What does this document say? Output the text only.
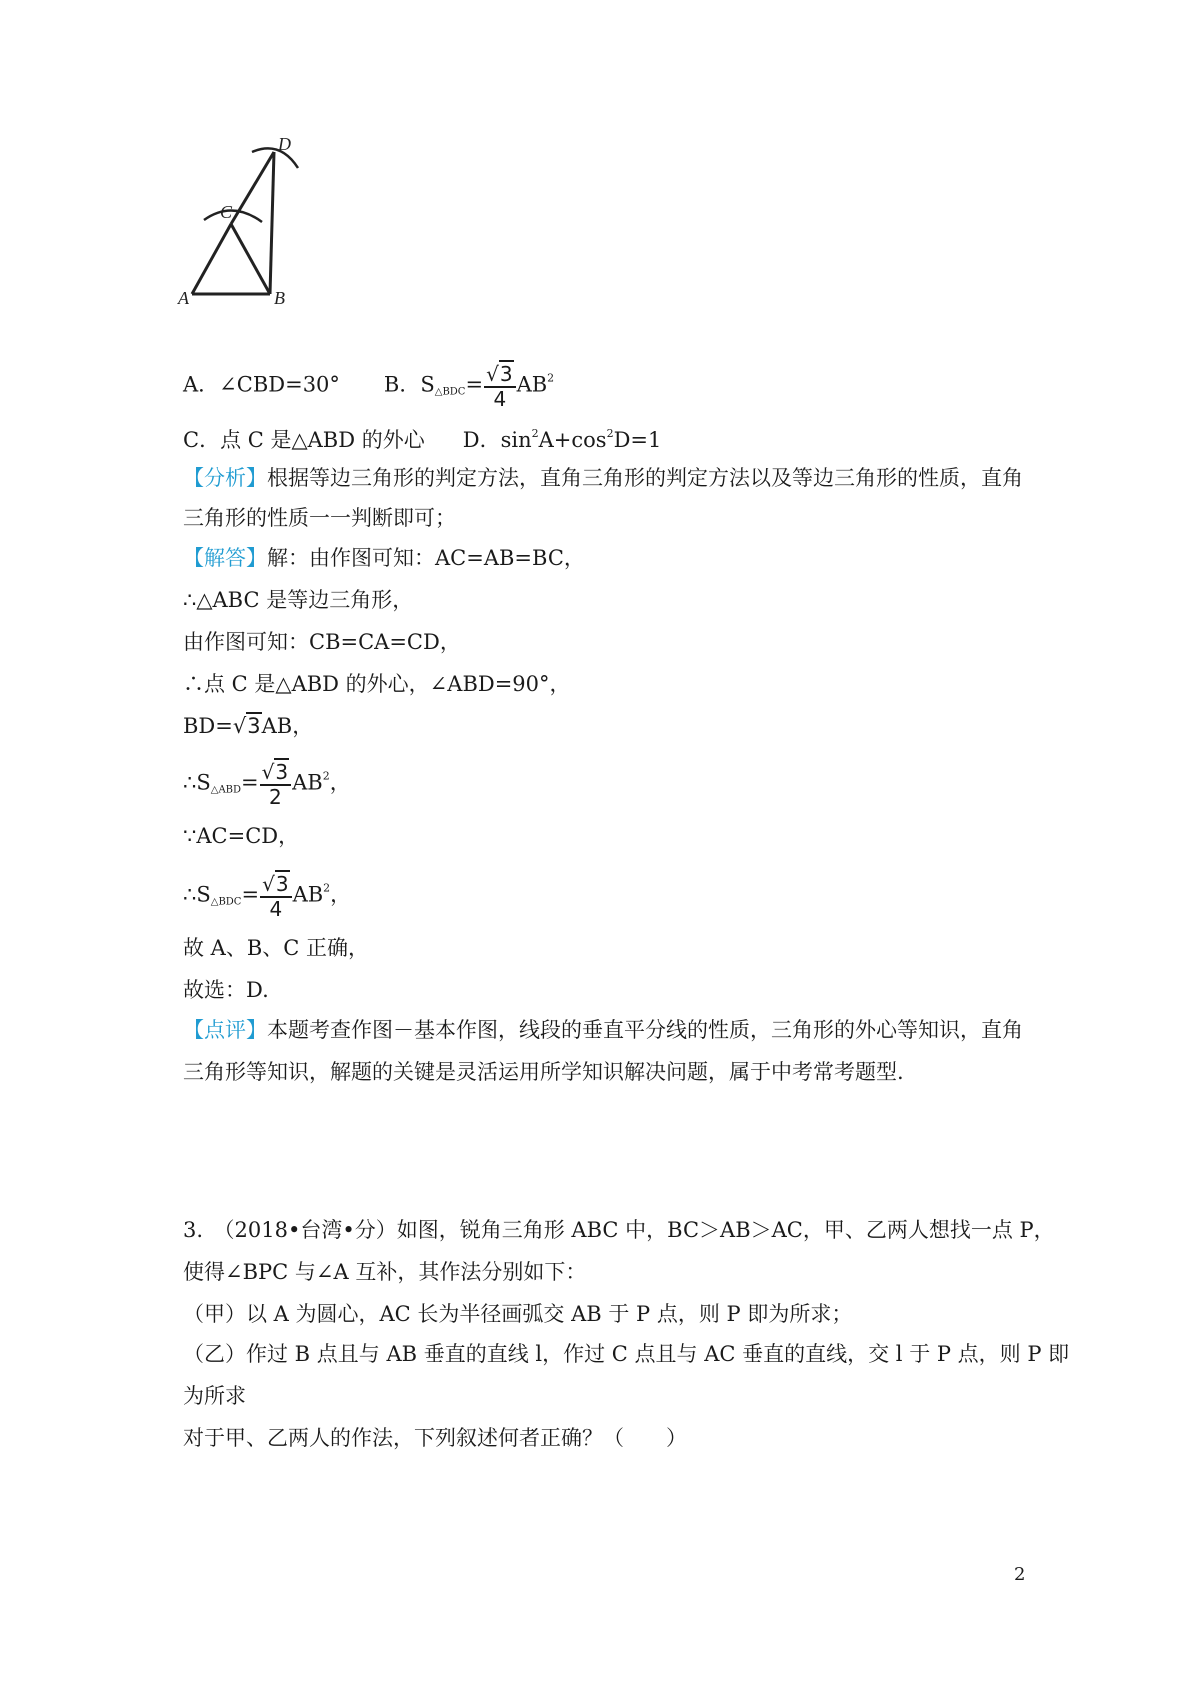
A	B
C
D
A．∠CBD=30° B．$S_{\triangle BDC}= \frac{√3}{4} AB^2$
C．点 C 是△ABD 的外心 D．$\sin^2A+\cos^2D=1$
【分析】根据等边三角形的判定方法，直角三角形的判定方法以及等边三角形的性质，直角
三角形的性质一一判断即可；
【解答】解：由作图可知：AC=AB=BC，
∴△ABC 是等边三角形，
由作图可知：CB=CA=CD，
∴点 C 是△ABD 的外心，∠ABD=90°，
BD=√3AB，
$\therefore S_{\triangle ABD}= \frac{√3}{2} AB^2$，
∵AC=CD，
$\therefore S_{\triangle BDC}= \frac{√3}{4} AB^2$，
故 A、B、C 正确，
故选：D.
【点评】本题考查作图－基本作图，线段的垂直平分线的性质，三角形的外心等知识，直角
三角形等知识，解题的关键是灵活运用所学知识解决问题，属于中考常考题型.
3.　（2018•台湾•分）如图，锐角三角形 ABC 中，BC＞AB＞AC，甲、乙两人想找一点 P，
使得∠BPC 与∠A 互补，其作法分别如下：
（甲）以 A 为圆心，AC 长为半径画弧交 AB 于 P 点，则 P 即为所求；
（乙）作过 B 点且与 AB 垂直的直线 l，作过 C 点且与 AC 垂直的直线，交 l 于 P 点，则 P 即
为所求
对于甲、乙两人的作法，下列叙述何者正确？（　　）
2
